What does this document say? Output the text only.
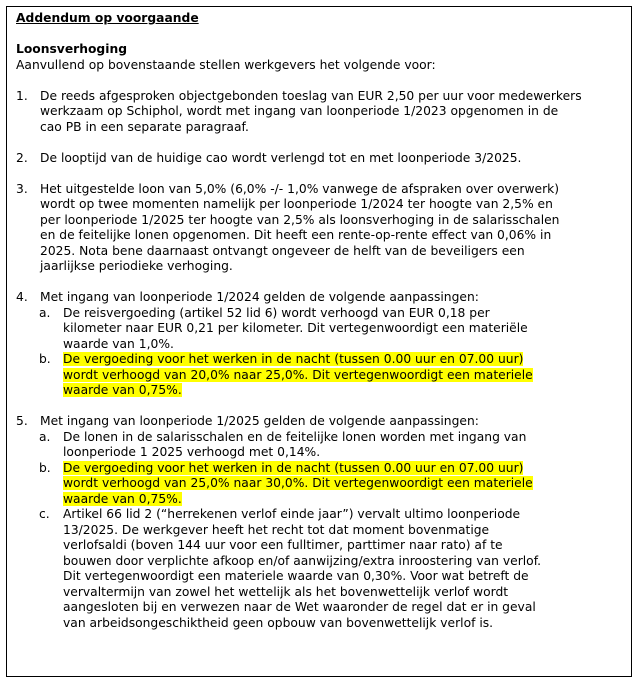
Addendum op voorgaande
Loonsverhoging
Aanvullend op bovenstaande stellen werkgevers het volgende voor:
1. De reeds afgesproken objectgebonden toeslag van EUR 2,50 per uur voor medewerkers
werkzaam op Schiphol, wordt met ingang van loonperiode 1/2023 opgenomen in de
cao PB in een separate paragraaf.
2. De looptijd van de huidige cao wordt verlengd tot en met loonperiode 3/2025.
3. Het uitgestelde loon van 5,0% (6,0% -/- 1,0% vanwege de afspraken over overwerk)
wordt op twee momenten namelijk per loonperiode 1/2024 ter hoogte van 2,5% en
per loonperiode 1/2025 ter hoogte van 2,5% als loonsverhoging in de salarisschalen
en de feitelijke lonen opgenomen. Dit heeft een rente-op-rente effect van 0,06% in
2025. Nota bene daarnaast ontvangt ongeveer de helft van de beveiligers een
jaarlijkse periodieke verhoging.
4. Met ingang van loonperiode 1/2024 gelden de volgende aanpassingen:
a.	De reisvergoeding (artikel 52 lid 6) wordt verhoogd van EUR 0,18 per
kilometer naar EUR 0,21 per kilometer. Dit vertegenwoordigt een materiële
waarde van 1,0%.
b. De vergoeding voor het werken in de nacht (tussen 0.00 uur en 07.00 uur)
wordt verhoogd van 20,0% naar 25,0%. Dit vertegenwoordigt een materiele
waarde van 0,75%.
5. Met ingang van loonperiode 1/2025 gelden de volgende aanpassingen:
a.	De lonen in de salarisschalen en de feitelijke lonen worden met ingang van
loonperiode 1 2025 verhoogd met 0,14%.
b. De vergoeding voor het werken in de nacht (tussen 0.00 uur en 07.00 uur)
wordt verhoogd van 25,0% naar 30,0%. Dit vertegenwoordigt een materiele
waarde van 0,75%.
c.	Artikel 66 lid 2 (“herrekenen verlof einde jaar”) vervalt ultimo loonperiode
13/2025. De werkgever heeft het recht tot dat moment bovenmatige
verlofsaldi (boven 144 uur voor een fulltimer, parttimer naar rato) af te
bouwen door verplichte afkoop en/of aanwijzing/extra inroostering van verlof.
Dit vertegenwoordigt een materiele waarde van 0,30%. Voor wat betreft de
vervaltermijn van zowel het wettelijk als het bovenwettelijk verlof wordt
aangesloten bij en verwezen naar de Wet waaronder de regel dat er in geval
van arbeidsongeschiktheid geen opbouw van bovenwettelijk verlof is.
